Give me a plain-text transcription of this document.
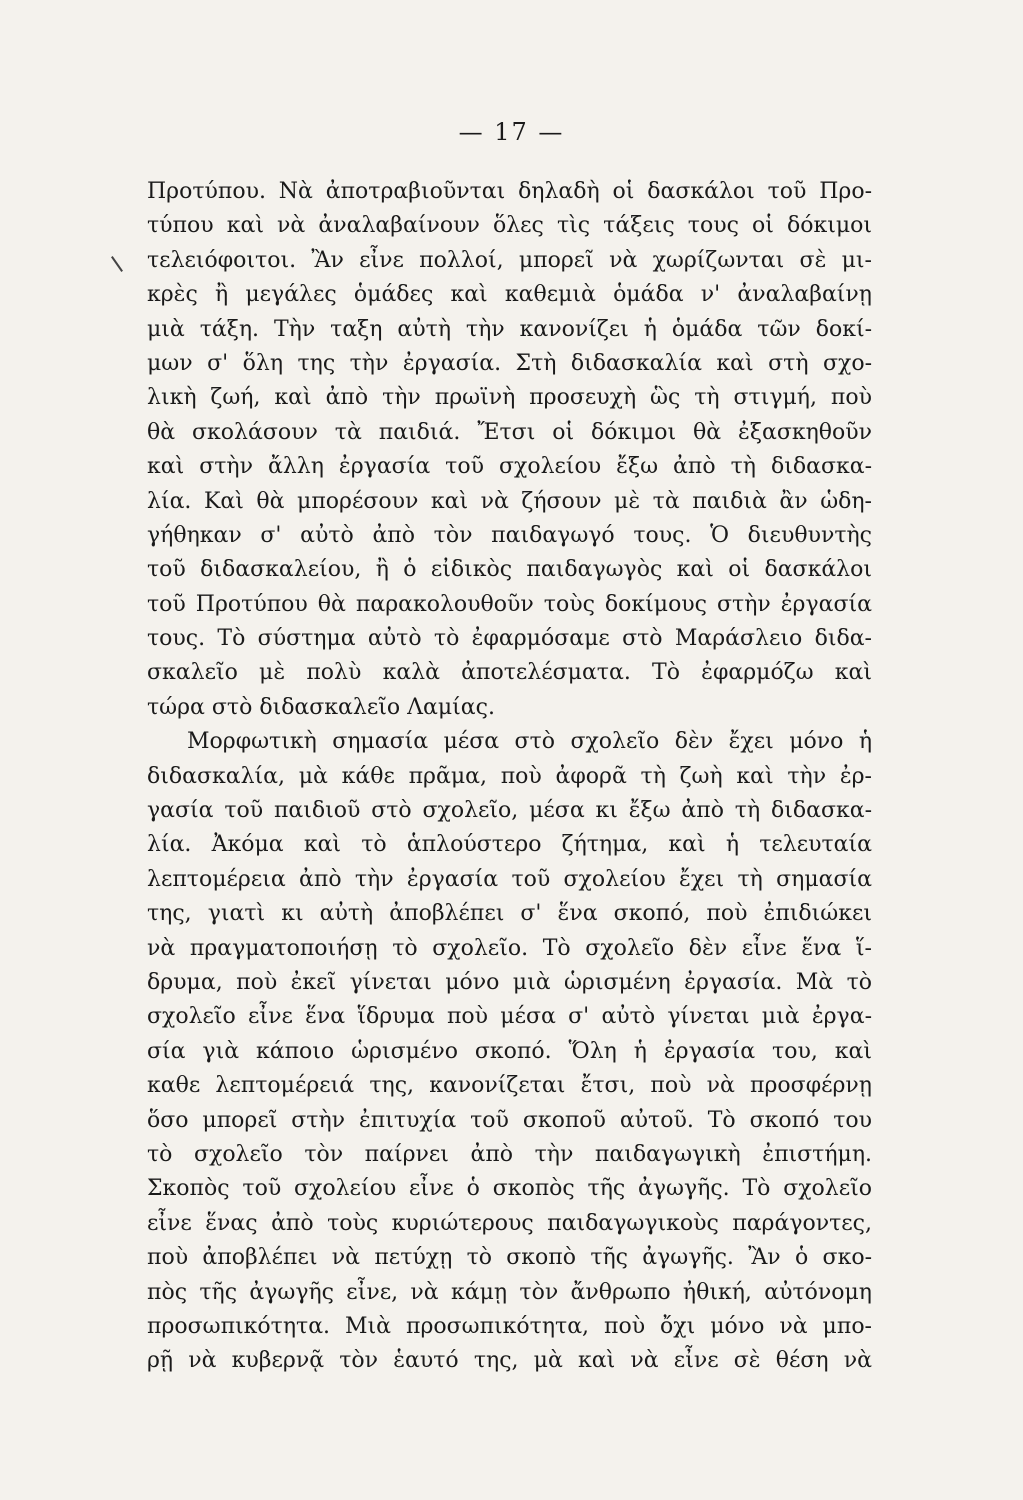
— 17 —
Προτύπου. Νὰ ἀποτραβιοῦνται δηλαδὴ οἱ δασκάλοι τοῦ Προ-
τύπου καὶ νὰ ἀναλαβαίνουν ὅλες τὶς τάξεις τους οἱ δόκιμοι
τελειόφοιτοι. Ἂν εἶνε πολλοί, μπορεῖ νὰ χωρίζωνται σὲ μι-
κρὲς ἢ μεγάλες ὁμάδες καὶ καθεμιὰ ὁμάδα ν' ἀναλαβαίνῃ
μιὰ τάξη. Τὴν ταξη αὐτὴ τὴν κανονίζει ἡ ὁμάδα τῶν δοκί-
μων σ' ὅλη της τὴν ἐργασία. Στὴ διδασκαλία καὶ στὴ σχο-
λικὴ ζωή, καὶ ἀπὸ τὴν πρωϊνὴ προσευχὴ ὣς τὴ στιγμή, ποὺ
θὰ σκολάσουν τὰ παιδιά. Ἔτσι οἱ δόκιμοι θὰ ἐξασκηθοῦν
καὶ στὴν ἄλλη ἐργασία τοῦ σχολείου ἔξω ἀπὸ τὴ διδασκα-
λία. Καὶ θὰ μπορέσουν καὶ νὰ ζήσουν μὲ τὰ παιδιὰ ἂν ὡδη-
γήθηκαν σ' αὐτὸ ἀπὸ τὸν παιδαγωγό τους. Ὁ διευθυντὴς
τοῦ διδασκαλείου, ἢ ὁ εἰδικὸς παιδαγωγὸς καὶ οἱ δασκάλοι
τοῦ Προτύπου θὰ παρακολουθοῦν τοὺς δοκίμους στὴν ἐργασία
τους. Τὸ σύστημα αὐτὸ τὸ ἐφαρμόσαμε στὸ Μαράσλειο διδα-
σκαλεῖο μὲ πολὺ καλὰ ἀποτελέσματα. Τὸ ἐφαρμόζω καὶ
τώρα στὸ διδασκαλεῖο Λαμίας.
Μορφωτικὴ σημασία μέσα στὸ σχολεῖο δὲν ἔχει μόνο ἡ
διδασκαλία, μὰ κάθε πρᾶμα, ποὺ ἀφορᾶ τὴ ζωὴ καὶ τὴν ἐρ-
γασία τοῦ παιδιοῦ στὸ σχολεῖο, μέσα κι ἔξω ἀπὸ τὴ διδασκα-
λία. Ἀκόμα καὶ τὸ ἁπλούστερο ζήτημα, καὶ ἡ τελευταία
λεπτομέρεια ἀπὸ τὴν ἐργασία τοῦ σχολείου ἔχει τὴ σημασία
της, γιατὶ κι αὐτὴ ἀποβλέπει σ' ἕνα σκοπό, ποὺ ἐπιδιώκει
νὰ πραγματοποιήσῃ τὸ σχολεῖο. Τὸ σχολεῖο δὲν εἶνε ἕνα ἵ-
δρυμα, ποὺ ἐκεῖ γίνεται μόνο μιὰ ὡρισμένη ἐργασία. Μὰ τὸ
σχολεῖο εἶνε ἕνα ἵδρυμα ποὺ μέσα σ' αὐτὸ γίνεται μιὰ ἐργα-
σία γιὰ κάποιο ὡρισμένο σκοπό. Ὅλη ἡ ἐργασία του, καὶ
καθε λεπτομέρειά της, κανονίζεται ἔτσι, ποὺ νὰ προσφέρνῃ
ὅσο μπορεῖ στὴν ἐπιτυχία τοῦ σκοποῦ αὐτοῦ. Τὸ σκοπό του
τὸ σχολεῖο τὸν παίρνει ἀπὸ τὴν παιδαγωγικὴ ἐπιστήμη.
Σκοπὸς τοῦ σχολείου εἶνε ὁ σκοπὸς τῆς ἀγωγῆς. Τὸ σχολεῖο
εἶνε ἕνας ἀπὸ τοὺς κυριώτερους παιδαγωγικοὺς παράγοντες,
ποὺ ἀποβλέπει νὰ πετύχῃ τὸ σκοπὸ τῆς ἀγωγῆς. Ἂν ὁ σκο-
πὸς τῆς ἀγωγῆς εἶνε, νὰ κάμῃ τὸν ἄνθρωπο ἠθική, αὐτόνομη
προσωπικότητα. Μιὰ προσωπικότητα, ποὺ ὄχι μόνο νὰ μπο-
ρῇ νὰ κυβερνᾷ τὸν ἑαυτό της, μὰ καὶ νὰ εἶνε σὲ θέση νὰ
